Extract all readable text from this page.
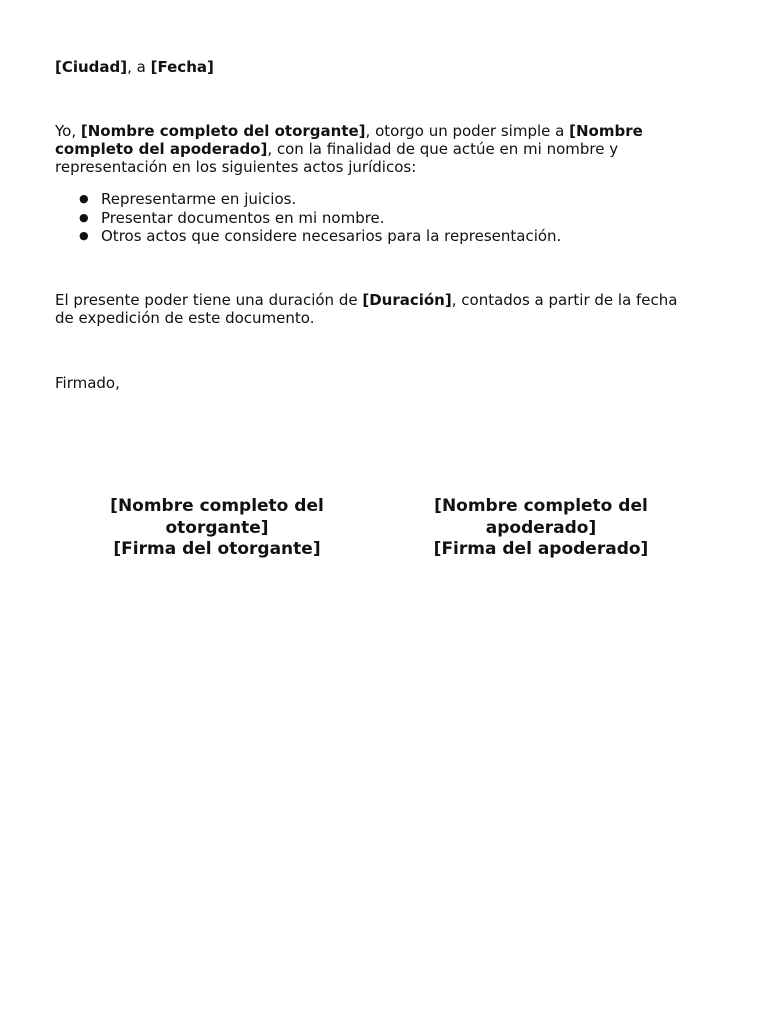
[Ciudad], a [Fecha]

Yo, [Nombre completo del otorgante], otorgo un poder simple a [Nombre completo del apoderado], con la finalidad de que actúe en mi nombre y representación en los siguientes actos jurídicos:

● Representarme en juicios.
● Presentar documentos en mi nombre.
● Otros actos que considere necesarios para la representación.

El presente poder tiene una duración de [Duración], contados a partir de la fecha de expedición de este documento.

Firmado,

[Nombre completo del otorgante]
[Firma del otorgante]
[Nombre completo del apoderado]
[Firma del apoderado]
